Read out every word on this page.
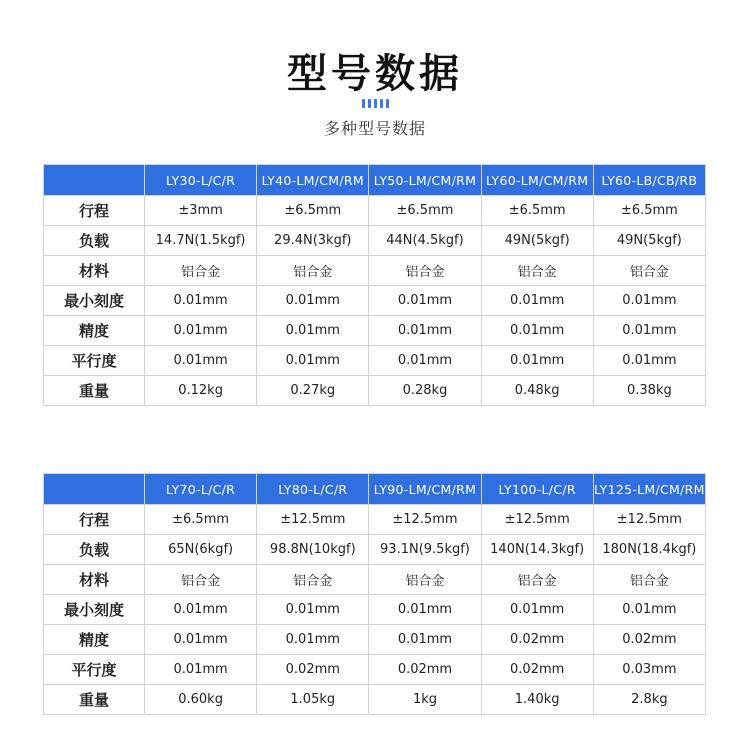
型号数据
多种型号数据
	LY30-L/C/R	LY40-LM/CM/RM	LY50-LM/CM/RM	LY60-LM/CM/RM	LY60-LB/CB/RB
行程	±3mm	±6.5mm	±6.5mm	±6.5mm	±6.5mm
负载	14.7N(1.5kgf)	29.4N(3kgf)	44N(4.5kgf)	49N(5kgf)	49N(5kgf)
材料	铝合金	铝合金	铝合金	铝合金	铝合金
最小刻度	0.01mm	0.01mm	0.01mm	0.01mm	0.01mm
精度	0.01mm	0.01mm	0.01mm	0.01mm	0.01mm
平行度	0.01mm	0.01mm	0.01mm	0.01mm	0.01mm
重量	0.12kg	0.27kg	0.28kg	0.48kg	0.38kg
	LY70-L/C/R	LY80-L/C/R	LY90-LM/CM/RM	LY100-L/C/R	LY125-LM/CM/RM
行程	±6.5mm	±12.5mm	±12.5mm	±12.5mm	±12.5mm
负载	65N(6kgf)	98.8N(10kgf)	93.1N(9.5kgf)	140N(14.3kgf)	180N(18.4kgf)
材料	铝合金	铝合金	铝合金	铝合金	铝合金
最小刻度	0.01mm	0.01mm	0.01mm	0.01mm	0.01mm
精度	0.01mm	0.01mm	0.01mm	0.02mm	0.02mm
平行度	0.01mm	0.02mm	0.02mm	0.02mm	0.03mm
重量	0.60kg	1.05kg	1kg	1.40kg	2.8kg
